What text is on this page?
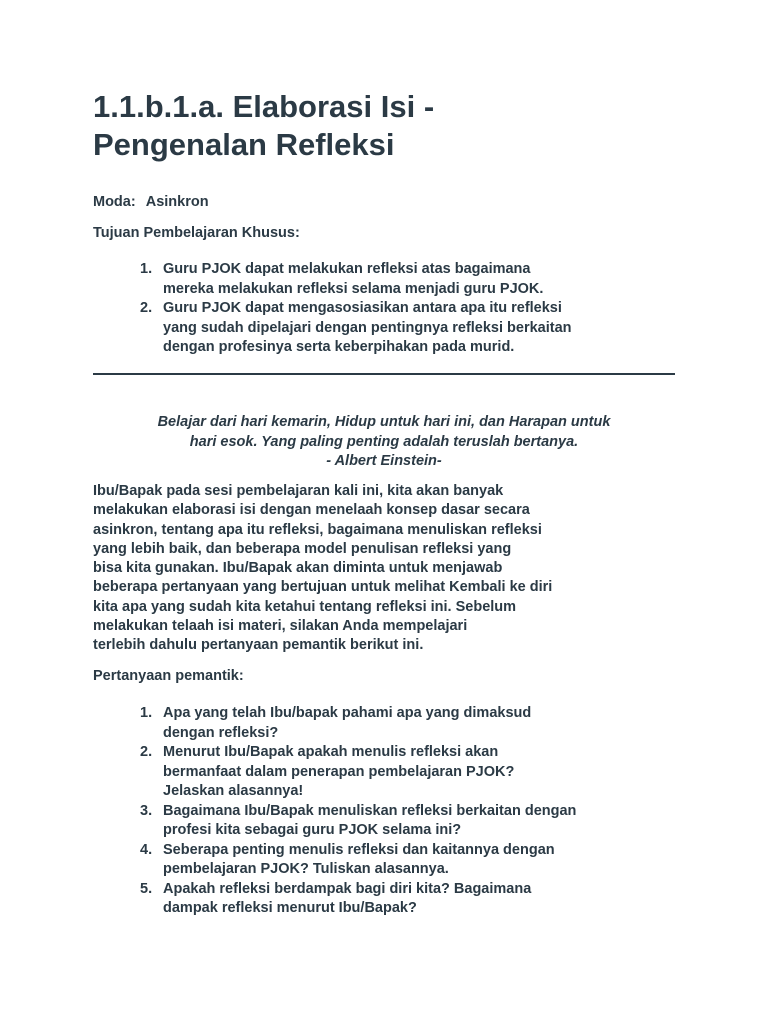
1.1.b.1.a. Elaborasi Isi -
Pengenalan Refleksi
Moda: Asinkron
Tujuan Pembelajaran Khusus:
1. Guru PJOK dapat melakukan refleksi atas bagaimana
mereka melakukan refleksi selama menjadi guru PJOK.
2. Guru PJOK dapat mengasosiasikan antara apa itu refleksi
yang sudah dipelajari dengan pentingnya refleksi berkaitan
dengan profesinya serta keberpihakan pada murid.
Belajar dari hari kemarin, Hidup untuk hari ini, dan Harapan untuk
hari esok. Yang paling penting adalah teruslah bertanya.
- Albert Einstein-

Ibu/Bapak pada sesi pembelajaran kali ini, kita akan banyak
melakukan elaborasi isi dengan menelaah konsep dasar secara
asinkron, tentang apa itu refleksi, bagaimana menuliskan refleksi
yang lebih baik, dan beberapa model penulisan refleksi yang
bisa kita gunakan. Ibu/Bapak akan diminta untuk menjawab
beberapa pertanyaan yang bertujuan untuk melihat Kembali ke diri
kita apa yang sudah kita ketahui tentang refleksi ini. Sebelum
melakukan telaah isi materi, silakan Anda mempelajari
terlebih dahulu pertanyaan pemantik berikut ini.

Pertanyaan pemantik:
1. Apa yang telah Ibu/bapak pahami apa yang dimaksud
dengan refleksi?
2. Menurut Ibu/Bapak apakah menulis refleksi akan
bermanfaat dalam penerapan pembelajaran PJOK?
Jelaskan alasannya!
3. Bagaimana Ibu/Bapak menuliskan refleksi berkaitan dengan
profesi kita sebagai guru PJOK selama ini?
4. Seberapa penting menulis refleksi dan kaitannya dengan
pembelajaran PJOK? Tuliskan alasannya.
5. Apakah refleksi berdampak bagi diri kita? Bagaimana
dampak refleksi menurut Ibu/Bapak?
